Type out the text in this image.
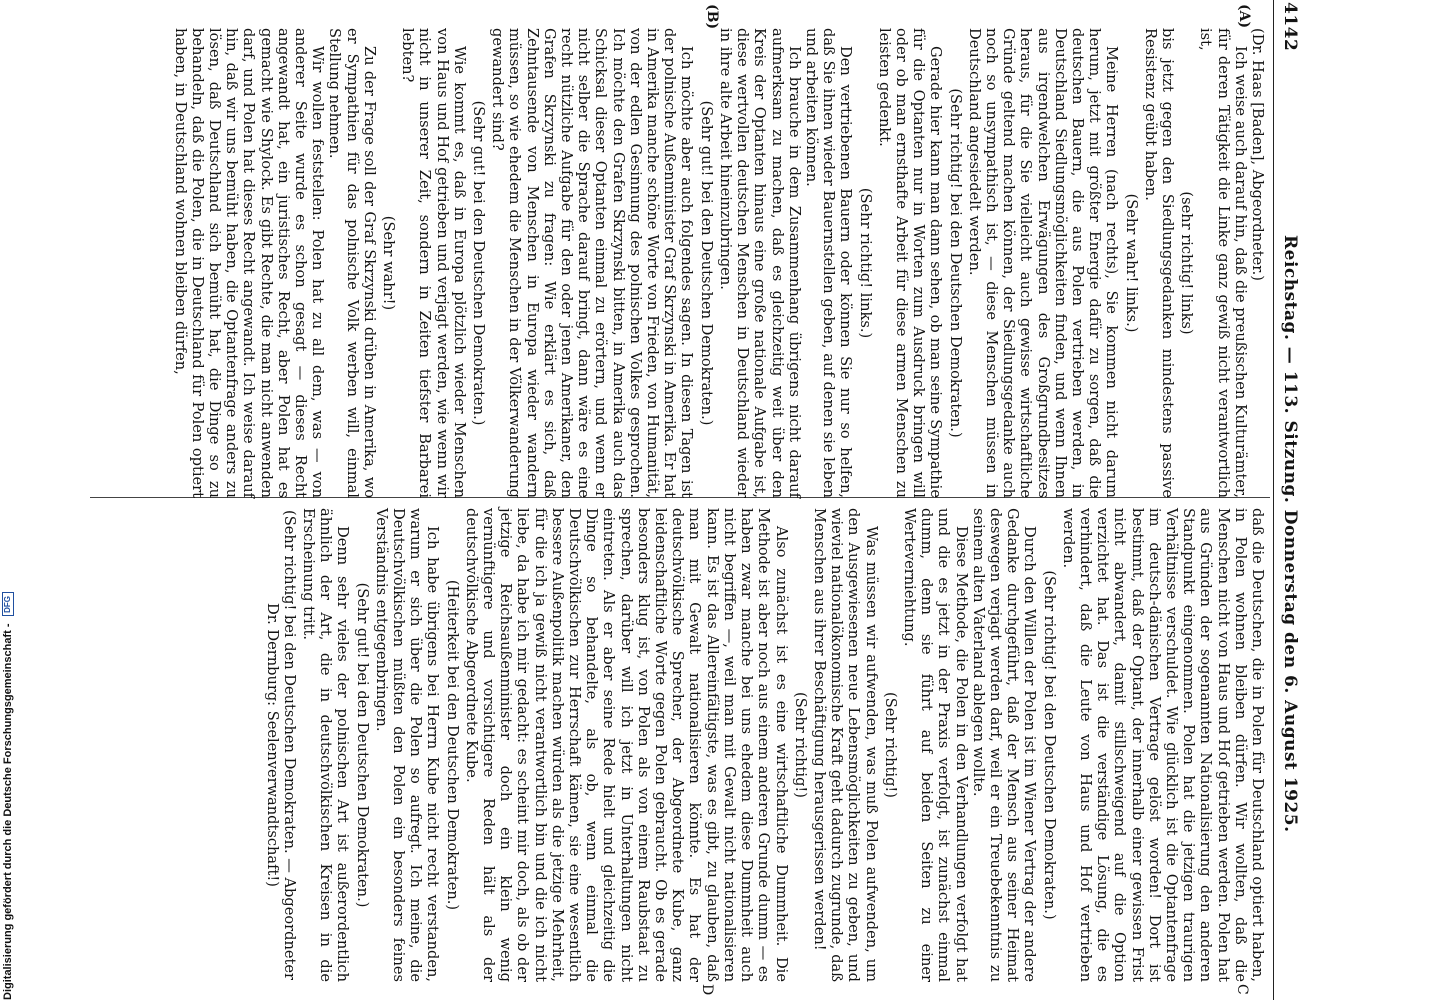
4142
Reichstag. — 113. Sitzung. Donnerstag den 6. August 1925.
(A)
(B)
C
D

(Dr. Haas [Baden], Abgeordneter.)

Ich weise auch darauf hin, daß die preußischen Kulturämter, für deren Tätigkeit die Linke ganz gewiß nicht verantwortlich ist,

(sehr richtig! links)

bis jetzt gegen den Siedlungsgedanken mindestens passive Resistenz geübt haben.

(Sehr wahr! links.)

Meine Herren (nach rechts), Sie kommen nicht darum herum, jetzt mit größter Energie dafür zu sorgen, daß die deutschen Bauern, die aus Polen vertrieben werden, in Deutschland Siedlungsmöglichkeiten finden, und wenn Ihnen aus irgendwelchen Erwägungen des Großgrundbesitzes heraus, für die Sie vielleicht auch gewisse wirtschaftliche Gründe geltend machen können, der Siedlungsgedanke auch noch so unsympathisch ist, — diese Menschen müssen in Deutschland angesiedelt werden.

(Sehr richtig! bei den Deutschen Demokraten.)

Gerade hier kann man dann sehen, ob man seine Sympathie für die Optanten nur in Worten zum Ausdruck bringen will oder ob man ernsthafte Arbeit für diese armen Menschen zu leisten gedenkt.

(Sehr richtig! links.)

Den vertriebenen Bauern oder können Sie nur so helfen, daß Sie ihnen wieder Bauernstellen geben, auf denen sie leben und arbeiten können.

Ich brauche in dem Zusammenhang übrigens nicht darauf aufmerksam zu machen, daß es gleichzeitig weit über den Kreis der Optanten hinaus eine große nationale Aufgabe ist, diese wertvollen deutschen Menschen in Deutschland wieder in ihre alte Arbeit hineinzubringen.

(Sehr gut! bei den Deutschen Demokraten.)

Ich möchte aber auch folgendes sagen. In diesen Tagen ist der polnische Außenminister Graf Skrzynski in Amerika. Er hat in Amerika manche schöne Worte von Frieden, von Humanität, von der edlen Gesinnung des polnischen Volkes gesprochen. Ich möchte den Grafen Skrzynski bitten, in Amerika auch das Schicksal dieser Optanten einmal zu erörtern, und wenn er nicht selber die Sprache darauf bringt, dann wäre es eine recht nützliche Aufgabe für den oder jenen Amerikaner, den Grafen Skrzynski zu fragen: Wie erklärt es sich, daß Zehntausende von Menschen in Europa wieder wandern müssen, so wie ehedem die Menschen in der Völkerwanderung gewandert sind?

(Sehr gut! bei den Deutschen Demokraten.)

Wie kommt es, daß in Europa plötzlich wieder Menschen von Haus und Hof getrieben und verjagt werden, wie wenn wir nicht in unserer Zeit, sondern in Zeiten tiefster Barbarei lebten?

(Sehr wahr!)

Zu der Frage soll der Graf Skrzynski drüben in Amerika, wo er Sympathien für das polnische Volk werben will, einmal Stellung nehmen.

Wir wollen feststellen: Polen hat zu all dem, was — von anderer Seite wurde es schon gesagt — dieses Recht angewandt hat, ein juristisches Recht, aber Polen hat es gemacht wie Shylock. Es gibt Rechte, die man nicht anwenden darf, und Polen hat dieses Recht angewandt. Ich weise darauf hin, daß wir uns bemüht haben, die Optantenfrage anders zu lösen, daß Deutschland sich bemüht hat, die Dinge so zu behandeln, daß die Polen, die in Deutschland für Polen optiert haben, in Deutschland wohnen bleiben dürfen,

daß die Deutschen, die in Polen für Deutschland optiert haben, in Polen wohnen bleiben dürfen. Wir wollten, daß die Menschen nicht von Haus und Hof getrieben werden. Polen hat aus Gründen der sogenannten Nationalisierung den anderen Standpunkt eingenommen. Polen hat die jetzigen traurigen Verhältnisse verschuldet. Wie glücklich ist die Optantenfrage im deutsch-dänischen Vertrage gelöst worden! Dort ist bestimmt, daß der Optant, der innerhalb einer gewissen Frist nicht abwandert, damit stillschweigend auf die Option verzichtet hat. Das ist die verständige Lösung, die es verhindert, daß die Leute von Haus und Hof vertrieben werden.

(Sehr richtig! bei den Deutschen Demokraten.)

Durch den Willen der Polen ist im Wiener Vertrag der andere Gedanke durchgeführt, daß der Mensch aus seiner Heimat deswegen verjagt werden darf, weil er ein Treuebekenntnis zu seinem alten Vaterland ablegen wollte.

Diese Methode, die Polen in den Verhandlungen verfolgt hat und die es jetzt in der Praxis verfolgt, ist zunächst einmal dumm, denn sie führt auf beiden Seiten zu einer Werteverniehtung.

(Sehr richtig!)

Was müssen wir aufwenden, was muß Polen aufwenden, um den Ausgewiesenen neue Lebensmöglichkeiten zu geben, und wieviel nationalökonomische Kraft geht dadurch zugrunde, daß Menschen aus ihrer Beschäftigung herausgerissen werden!

(Sehr richtig!)

Also zunächst ist es eine wirtschaftliche Dummheit. Die Methode ist aber noch aus einem anderen Grunde dumm — es haben zwar manche bei uns ehedem diese Dummheit auch nicht begriffen —, weil man mit Gewalt nicht nationalisieren kann. Es ist das Allereinfältigste, was es gibt, zu glauben, daß man mit Gewalt nationalisieren könnte. Es hat der deutschvölkische Sprecher, der Abgeordnete Kube, ganz leidenschaftliche Worte gegen Polen gebraucht. Ob es gerade besonders klug ist, von Polen als von einem Raubstaat zu sprechen, darüber will ich jetzt in Unterhaltungen nicht eintreten. Als er aber seine Rede hielt und gleichzeitig die Dinge so behandelte, als ob, wenn einmal die Deutschvölkischen zur Herrschaft kämen, sie eine wesentlich bessere Außenpolitik machen würden als die jetzige Mehrheit, für die ich ja gewiß nicht verantwortlich bin und die ich nicht liebe, da habe ich mir gedacht: es scheint mir doch, als ob der jetzige Reichsaußenminister doch ein klein wenig vernünftigere und vorsichtigere Reden hält als der deutschvölkische Abgeordnete Kube.

(Heiterkeit bei den Deutschen Demokraten.)

Ich habe übrigens bei Herrn Kube nicht recht verstanden, warum er sich über die Polen so aufregt. Ich meine, die Deutschvölkischen müßten den Polen ein besonders feines Verständnis entgegenbringen.

(Sehr gut! bei den Deutschen Demokraten.)

Denn sehr vieles der polnischen Art ist außerordentlich ähnlich der Art, die in deutschvölkischen Kreisen in die Erscheinung tritt.

(Sehr richtig! bei den Deutschen Demokraten. — Abgeordneter Dr. Dernburg: Seelenverwandtschaft!)

Digitalisierung gefördert durch die Deutsche Forschungsgemeinschaft - DFG
